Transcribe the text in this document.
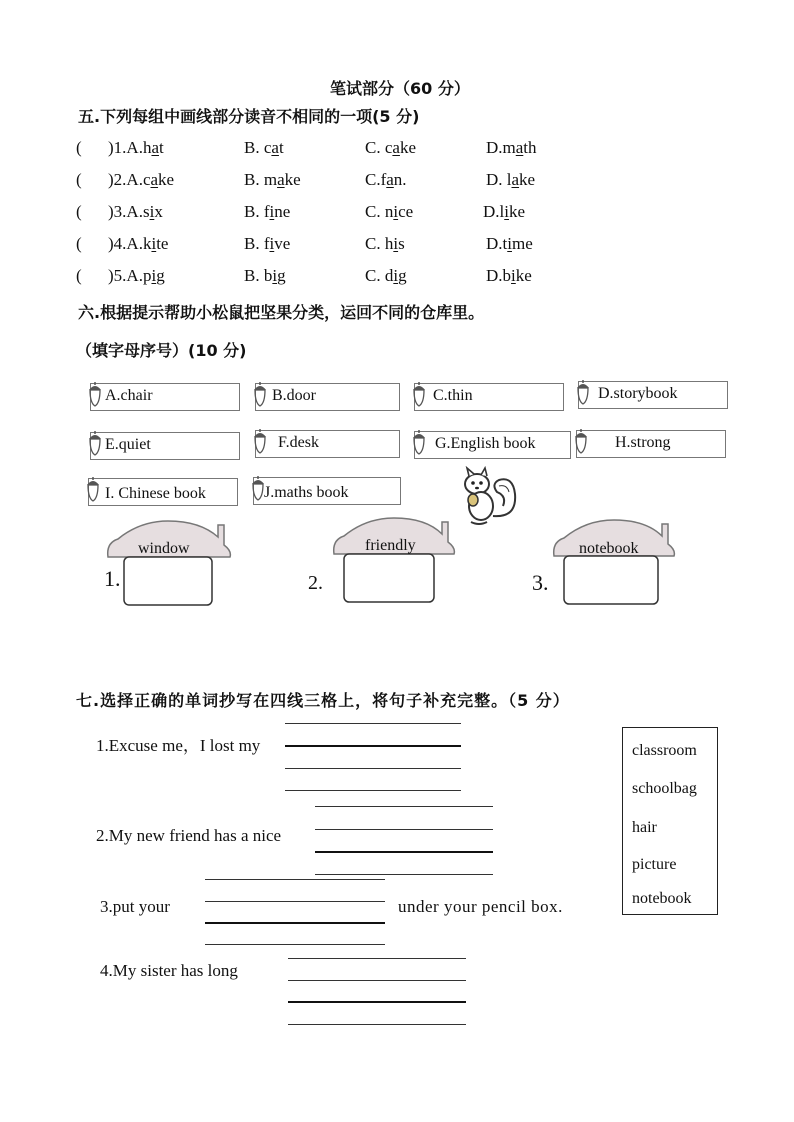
笔试部分（60 分）
五.下列每组中画线部分读音不相同的一项(5 分)
( )1.A.hat	B. cat	C. cake	D.math
( )2.A.cake	B. make	C.fan.	D. lake
( )3.A.six	B. fine	C. nice	D.like
( )4.A.kite	B. five	C. his	D.time
( )5.A.pig	B. big	C. dig	D.bike
六.根据提示帮助小松鼠把坚果分类，运回不同的仓库里。
（填字母序号）(10 分)
A.chair	B.door	C.thin	D.storybook
E.quiet	F.desk	G.English book	H.strong
I. Chinese book	J.maths book
window
1.
friendly
2.
notebook
3.
七.选择正确的单词抄写在四线三格上，将句子补充完整。（5 分）
1.Excuse me，I lost my
2.My new friend has a nice
3.put your	under your pencil box.
4.My sister has long
classroom
schoolbag
hair
picture
notebook
